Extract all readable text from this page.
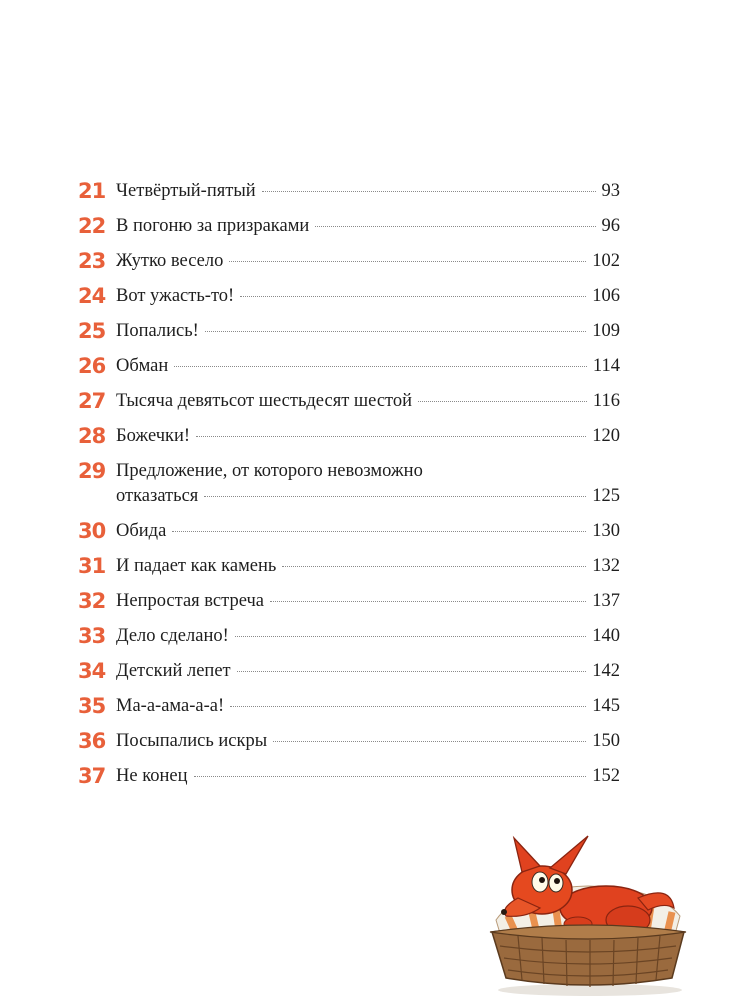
21 Четвёртый-пятый	93
22 В погоню за призраками	96
23 Жутко весело	102
24 Вот ужасть-то!	106
25 Попались!	109
26 Обман	114
27 Тысяча девятьсот шестьдесят шестой	116
28 Божечки!	120
29 Предложение, от которого невозможно
отказаться	125
30 Обида	130
31 И падает как камень	132
32 Непростая встреча	137
33 Дело сделано!	140
34 Детский лепет	142
35 Ма-а-ама-а-а!	145
36 Посыпались искры	150
37 Не конец	152
